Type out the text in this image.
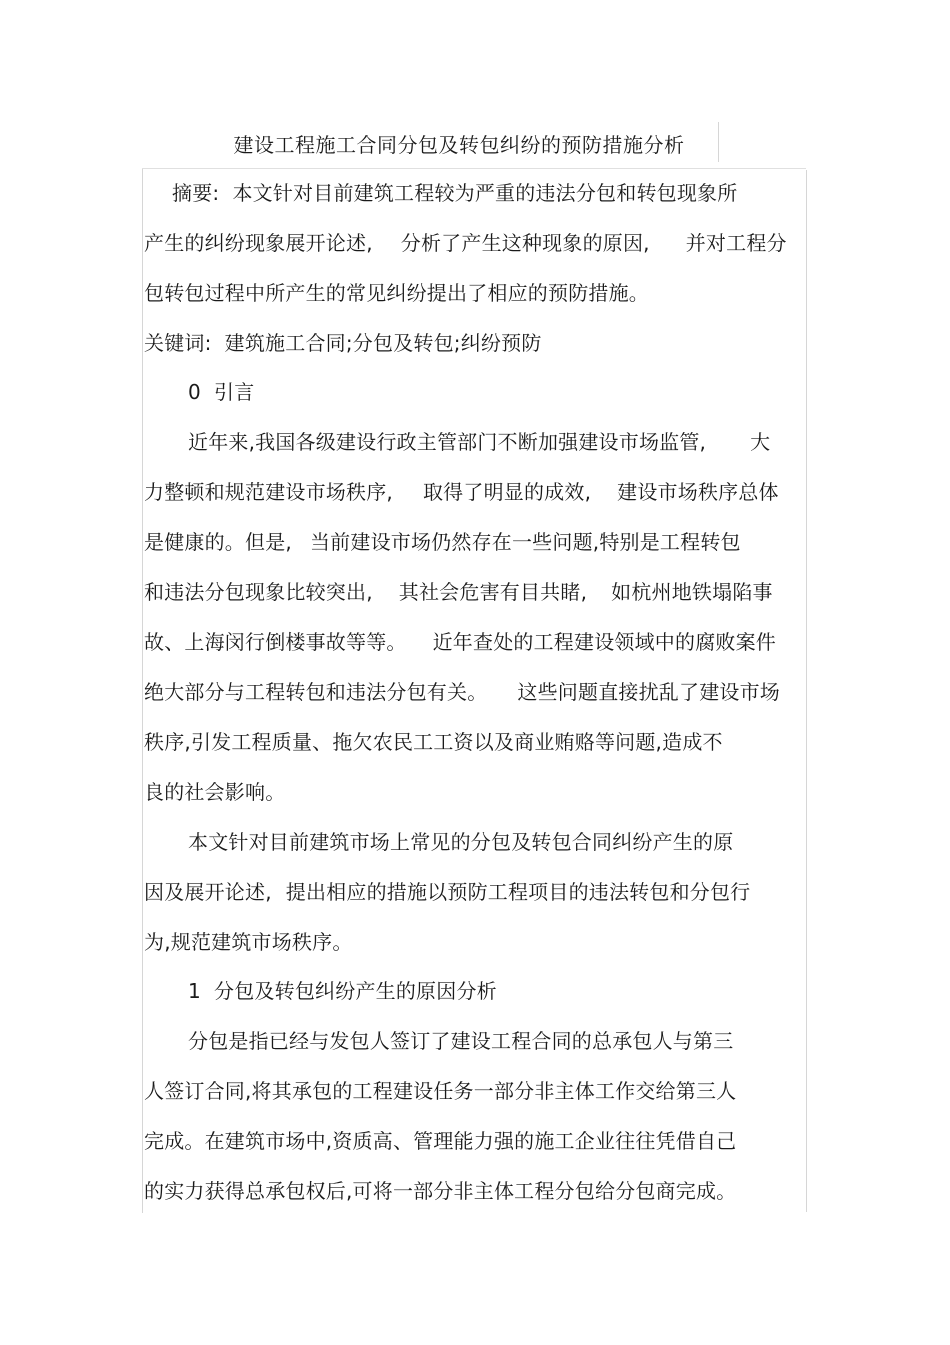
建设工程施工合同分包及转包纠纷的预防措施分析
摘要:  本文针对目前建筑工程较为严重的违法分包和转包现象所
产生的纠纷现象展开论述, 分析了产生这种现象的原因, 并对工程分
包转包过程中所产生的常见纠纷提出了相应的预防措施。
关键词:  建筑施工合同;分包及转包;纠纷预防
0  引言
近年来,我国各级建设行政主管部门不断加强建设市场监管, 大
力整顿和规范建设市场秩序, 取得了明显的成效, 建设市场秩序总体
是健康的。但是, 当前建设市场仍然存在一些问题,特别是工程转包
和违法分包现象比较突出, 其社会危害有目共睹, 如杭州地铁塌陷事
故、上海闵行倒楼事故等等。 近年查处的工程建设领域中的腐败案件
绝大部分与工程转包和违法分包有关。 这些问题直接扰乱了建设市场
秩序,引发工程质量、拖欠农民工工资以及商业贿赂等问题,造成不
良的社会影响。
本文针对目前建筑市场上常见的分包及转包合同纠纷产生的原
因及展开论述, 提出相应的措施以预防工程项目的违法转包和分包行
为,规范建筑市场秩序。
1  分包及转包纠纷产生的原因分析
分包是指已经与发包人签订了建设工程合同的总承包人与第三
人签订合同,将其承包的工程建设任务一部分非主体工作交给第三人
完成。在建筑市场中,资质高、管理能力强的施工企业往往凭借自己
的实力获得总承包权后,可将一部分非主体工程分包给分包商完成。
